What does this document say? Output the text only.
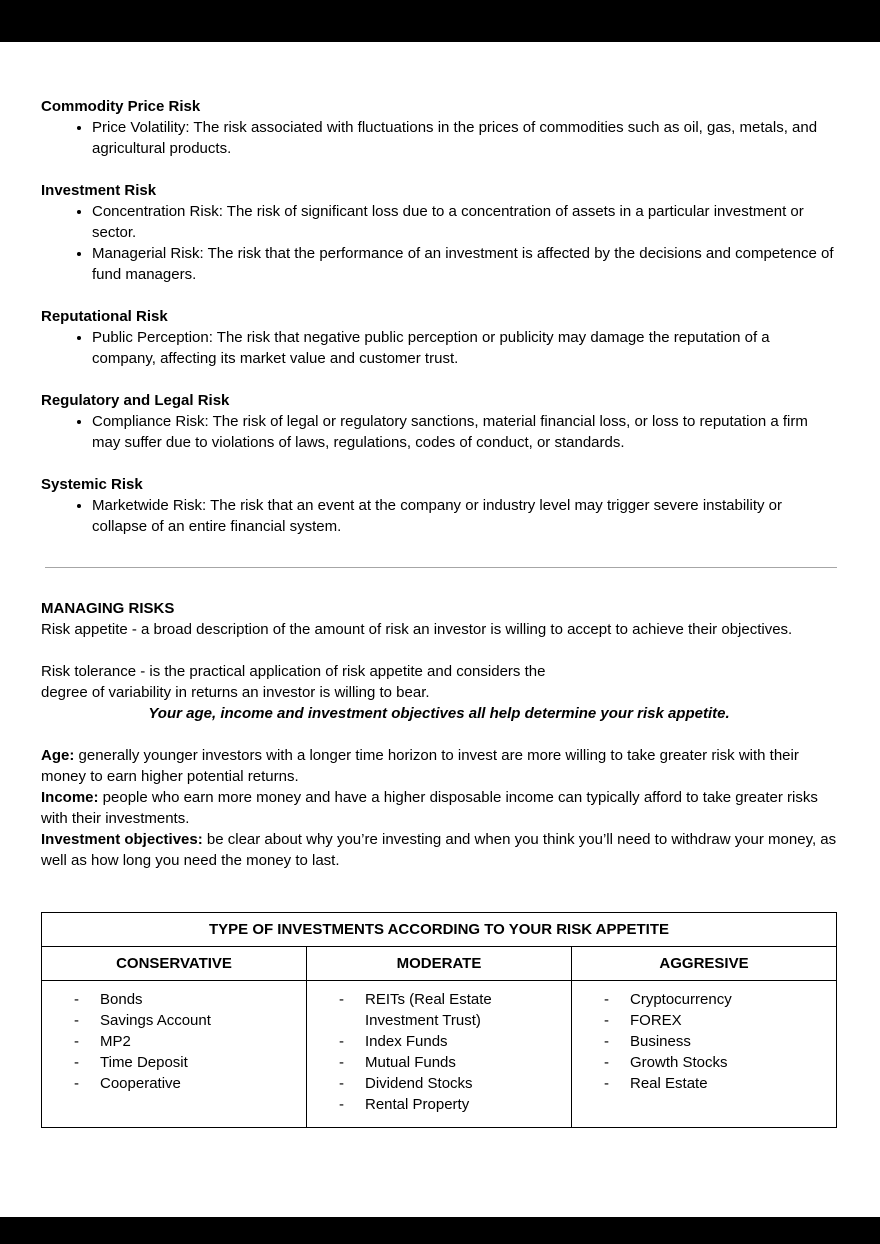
Commodity Price Risk
• Price Volatility: The risk associated with fluctuations in the prices of commodities such as oil, gas, metals, and agricultural products.
Investment Risk
• Concentration Risk: The risk of significant loss due to a concentration of assets in a particular investment or sector.
• Managerial Risk: The risk that the performance of an investment is affected by the decisions and competence of fund managers.
Reputational Risk
• Public Perception: The risk that negative public perception or publicity may damage the reputation of a company, affecting its market value and customer trust.
Regulatory and Legal Risk
• Compliance Risk: The risk of legal or regulatory sanctions, material financial loss, or loss to reputation a firm may suffer due to violations of laws, regulations, codes of conduct, or standards.
Systemic Risk
• Marketwide Risk: The risk that an event at the company or industry level may trigger severe instability or collapse of an entire financial system.
MANAGING RISKS

Risk appetite - a broad description of the amount of risk an investor is willing to accept to achieve their objectives.

Risk tolerance - is the practical application of risk appetite and considers the

degree of variability in returns an investor is willing to bear.

Your age, income and investment objectives all help determine your risk appetite.

Age: generally younger investors with a longer time horizon to invest are more willing to take greater risk with their money to earn higher potential returns.

Income: people who earn more money and have a higher disposable income can typically afford to take greater risks with their investments.

Investment objectives: be clear about why you’re investing and when you think you’ll need to withdraw your money, as well as how long you need the money to last.

TYPE OF INVESTMENTS ACCORDING TO YOUR RISK APPETITE		
CONSERVATIVE	MODERATE	AGGRESIVE

- Bonds
- Savings Account
- MP2
- Time Deposit
- Cooperative

- REITs (Real Estate Investment Trust)
- Index Funds
- Mutual Funds
- Dividend Stocks
- Rental Property

- Cryptocurrency
- FOREX
- Business
- Growth Stocks
- Real Estate
